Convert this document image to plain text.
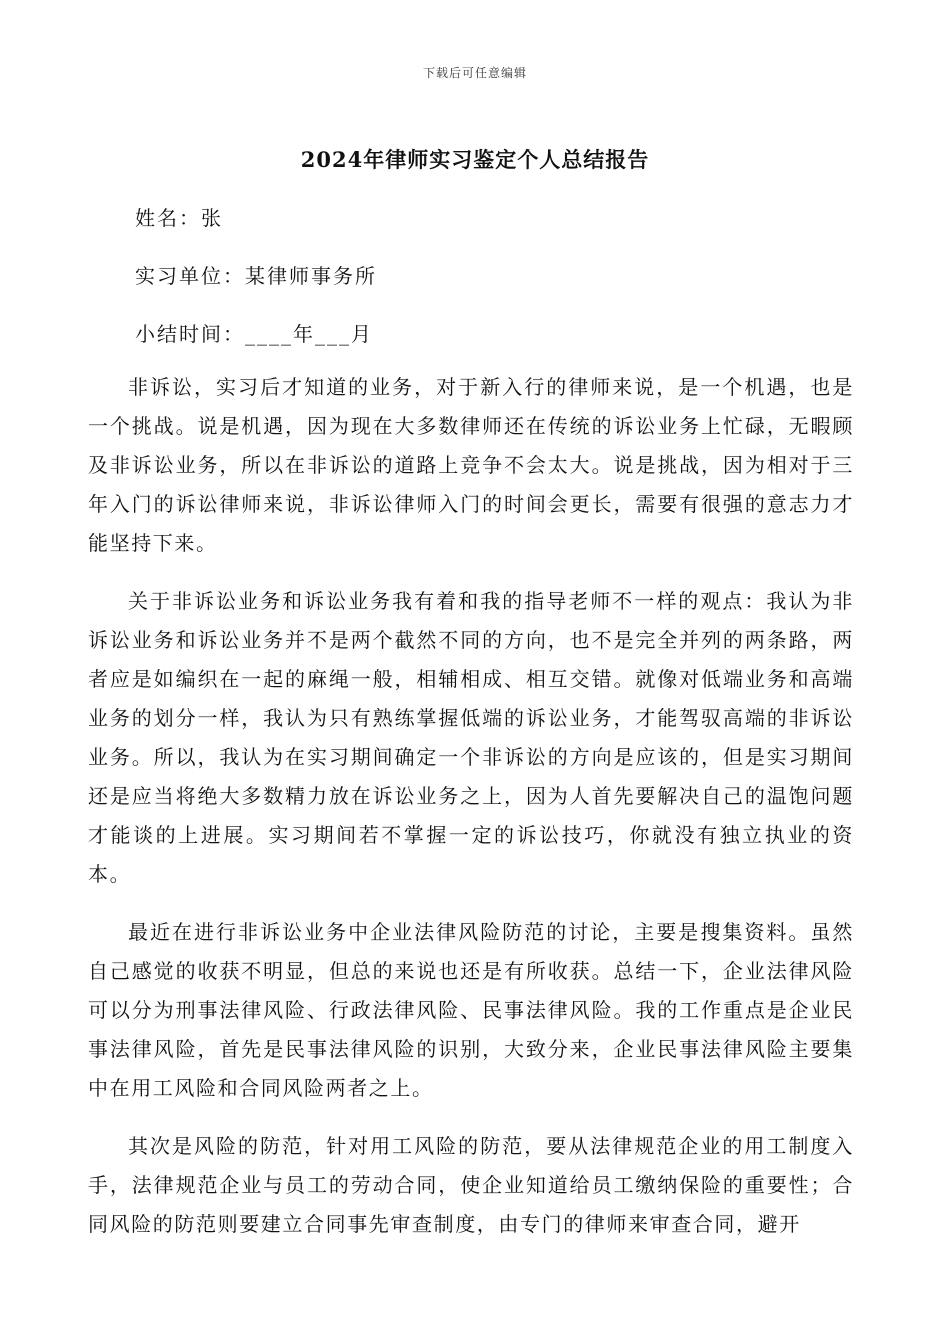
下载后可任意编辑
2024年律师实习鉴定个人总结报告
姓名：张
实习单位：某律师事务所
小结时间：____年___月

非诉讼，实习后才知道的业务，对于新入行的律师来说，是一个机遇，也是一个挑战。说是机遇，因为现在大多数律师还在传统的诉讼业务上忙碌，无暇顾及非诉讼业务，所以在非诉讼的道路上竞争不会太大。说是挑战，因为相对于三年入门的诉讼律师来说，非诉讼律师入门的时间会更长，需要有很强的意志力才能坚持下来。

关于非诉讼业务和诉讼业务我有着和我的指导老师不一样的观点：我认为非诉讼业务和诉讼业务并不是两个截然不同的方向，也不是完全并列的两条路，两者应是如编织在一起的麻绳一般，相辅相成、相互交错。就像对低端业务和高端业务的划分一样，我认为只有熟练掌握低端的诉讼业务，才能驾驭高端的非诉讼业务。所以，我认为在实习期间确定一个非诉讼的方向是应该的，但是实习期间还是应当将绝大多数精力放在诉讼业务之上，因为人首先要解决自己的温饱问题才能谈的上进展。实习期间若不掌握一定的诉讼技巧，你就没有独立执业的资本。

最近在进行非诉讼业务中企业法律风险防范的讨论，主要是搜集资料。虽然自己感觉的收获不明显，但总的来说也还是有所收获。总结一下，企业法律风险可以分为刑事法律风险、行政法律风险、民事法律风险。我的工作重点是企业民事法律风险，首先是民事法律风险的识别，大致分来，企业民事法律风险主要集中在用工风险和合同风险两者之上。

其次是风险的防范，针对用工风险的防范，要从法律规范企业的用工制度入手，法律规范企业与员工的劳动合同，使企业知道给员工缴纳保险的重要性；合同风险的防范则要建立合同事先审查制度，由专门的律师来审查合同，避开
